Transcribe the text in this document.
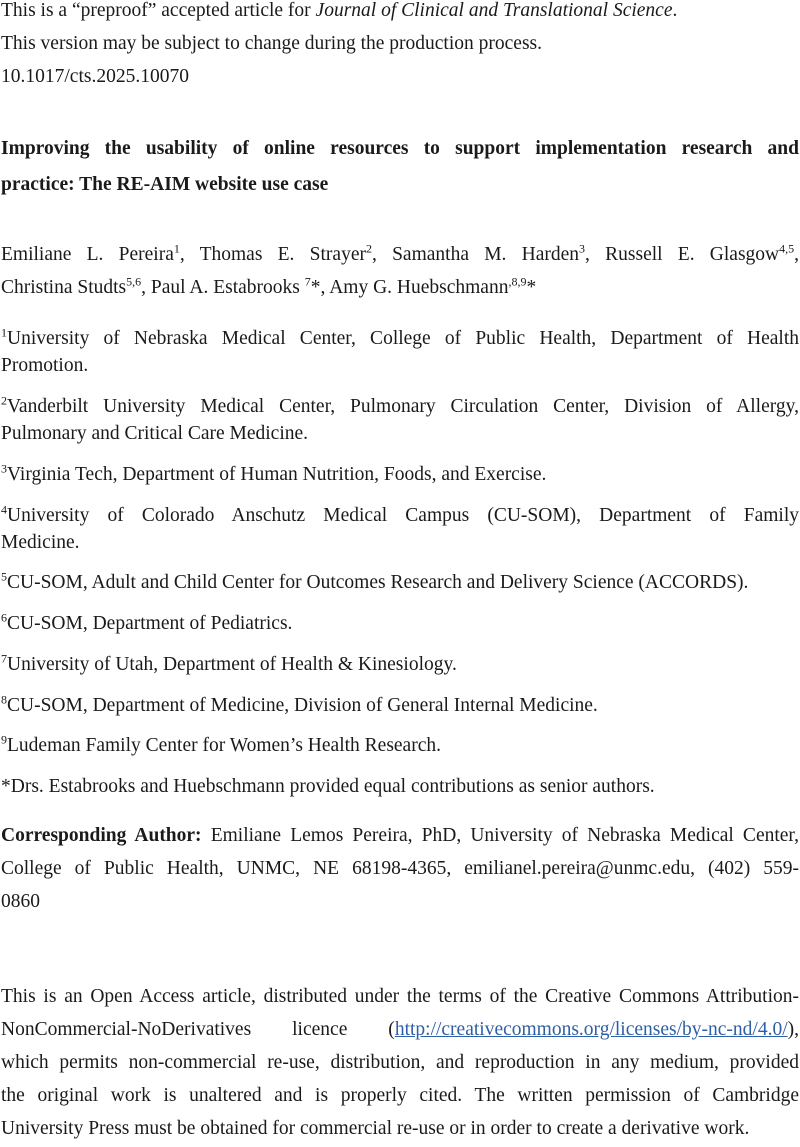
This is a “preproof” accepted article for Journal of Clinical and Translational Science.

This version may be subject to change during the production process.

10.1017/cts.2025.10070

Improving the usability of online resources to support implementation research and

practice: The RE-AIM website use case

Emiliane L. Pereira$^1$, Thomas E. Strayer$^2$, Samantha M. Harden$^3$, Russell E. Glasgow$^{4,5}$,

Christina Studts$^{5,6}$, Paul A. Estabrooks $^7$*, Amy G. Huebschmann$^{,8,9}$*

$^1$University of Nebraska Medical Center, College of Public Health, Department of Health

Promotion.

$^2$Vanderbilt University Medical Center, Pulmonary Circulation Center, Division of Allergy,

Pulmonary and Critical Care Medicine.

$^3$Virginia Tech, Department of Human Nutrition, Foods, and Exercise.

$^4$University of Colorado Anschutz Medical Campus (CU-SOM), Department of Family

Medicine.

$^5$CU-SOM, Adult and Child Center for Outcomes Research and Delivery Science (ACCORDS).

$^6$CU-SOM, Department of Pediatrics.

$^7$University of Utah, Department of Health & Kinesiology.

$^8$CU-SOM, Department of Medicine, Division of General Internal Medicine.

$^9$Ludeman Family Center for Women’s Health Research.

*Drs. Estabrooks and Huebschmann provided equal contributions as senior authors.

Corresponding Author: Emiliane Lemos Pereira, PhD, University of Nebraska Medical Center,

College of Public Health, UNMC, NE 68198-4365, emilianel.pereira@unmc.edu, (402) 559-

0860

This is an Open Access article, distributed under the terms of the Creative Commons Attribution-

NonCommercial-NoDerivatives licence (http://creativecommons.org/licenses/by-nc-nd/4.0/),

which permits non-commercial re-use, distribution, and reproduction in any medium, provided

the original work is unaltered and is properly cited. The written permission of Cambridge

University Press must be obtained for commercial re-use or in order to create a derivative work.
